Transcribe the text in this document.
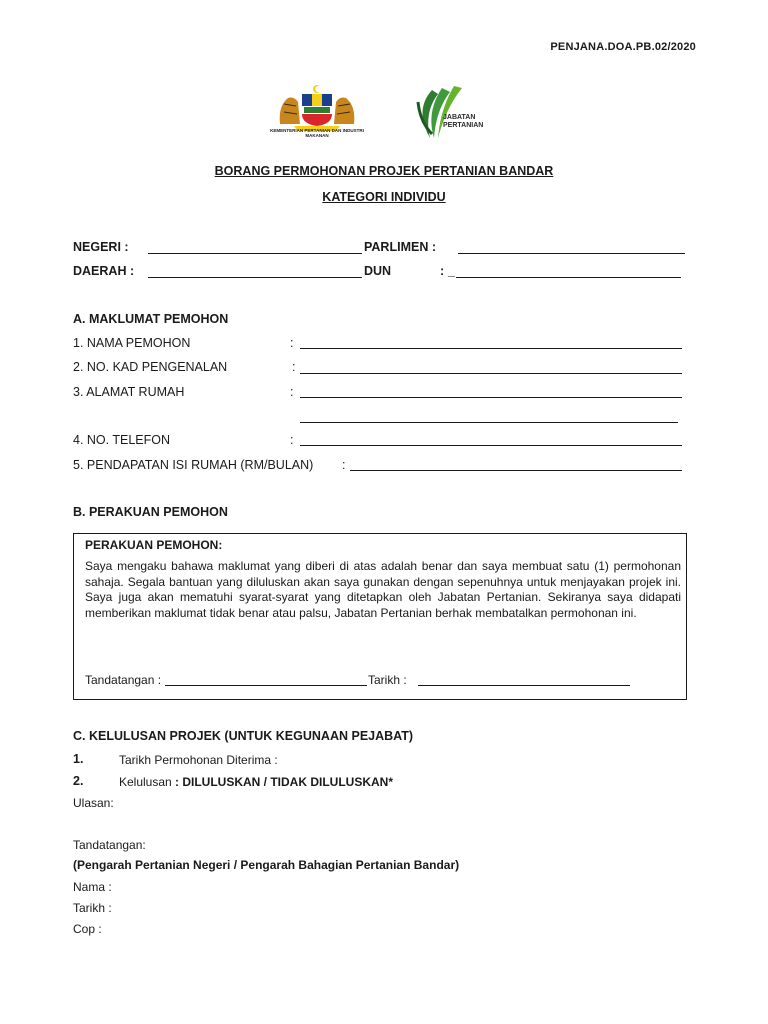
PENJANA.DOA.PB.02/2020
KEMENTERIAN PERTANIAN DAN INDUSTRI MAKANAN
JABATAN PERTANIAN
BORANG PERMOHONAN PROJEK PERTANIAN BANDAR
KATEGORI INDIVIDU
NEGERI :	PARLIMEN :
DAERAH :	DUN	: _
A. MAKLUMAT PEMOHON
1. NAMA PEMOHON	:
2. NO. KAD PENGENALAN	:
3. ALAMAT RUMAH	:
4. NO. TELEFON	:
5. PENDAPATAN ISI RUMAH (RM/BULAN) :
B. PERAKUAN PEMOHON
PERAKUAN PEMOHON:
Saya mengaku bahawa maklumat yang diberi di atas adalah benar dan saya membuat satu (1) permohonan sahaja. Segala bantuan yang diluluskan akan saya gunakan dengan sepenuhnya untuk menjayakan projek ini. Saya juga akan mematuhi syarat-syarat yang ditetapkan oleh Jabatan Pertanian. Sekiranya saya didapati memberikan maklumat tidak benar atau palsu, Jabatan Pertanian berhak membatalkan permohonan ini.
Tandatangan :	Tarikh :
C. KELULUSAN PROJEK (UNTUK KEGUNAAN PEJABAT)
1.	Tarikh Permohonan Diterima :
2.	Kelulusan : DILULUSKAN / TIDAK DILULUSKAN*
Ulasan:
Tandatangan:
(Pengarah Pertanian Negeri / Pengarah Bahagian Pertanian Bandar)
Nama :
Tarikh :
Cop :
